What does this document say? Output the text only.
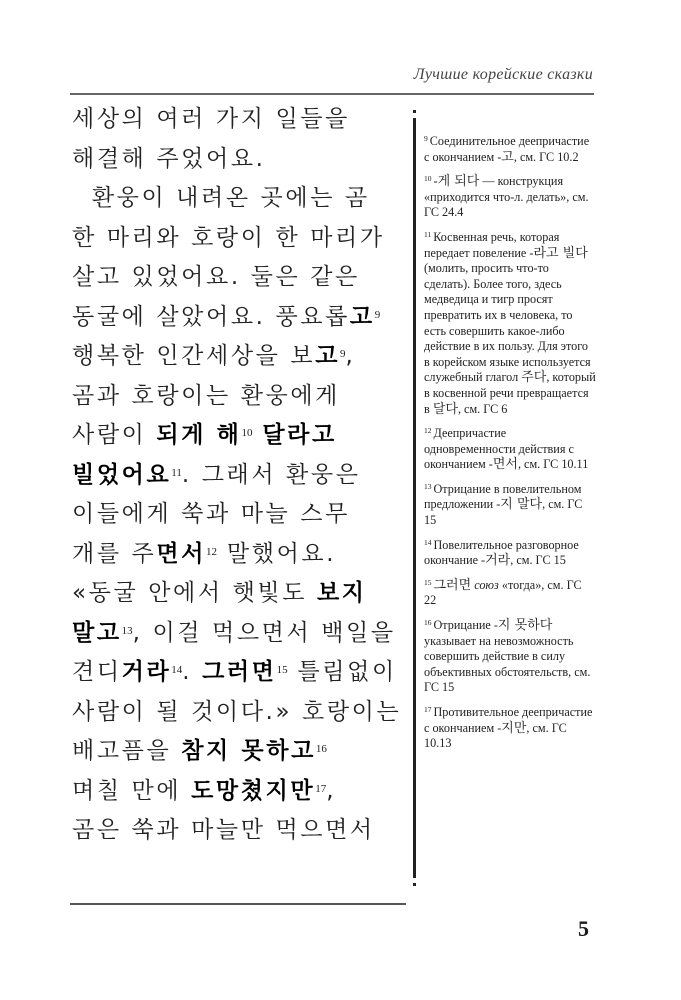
Лучшие корейские сказки
세상의 여러 가지 일들을
해결해 주었어요.
환웅이 내려온 곳에는 곰
한 마리와 호랑이 한 마리가
살고 있었어요. 둘은 같은
동굴에 살았어요. 풍요롭고$^9$
행복한 인간세상을 보고$^9$,
곰과 호랑이는 환웅에게
사람이 되게 해$^{10}$ 달라고
빌었어요$^{11}$. 그래서 환웅은
이들에게 쑥과 마늘 스무
개를 주면서$^{12}$ 말했어요.
«동굴 안에서 햇빛도 보지
말고$^{13}$, 이걸 먹으면서 백일을
견디거라$^{14}$. 그러면$^{15}$ 틀림없이
사람이 될 것이다.» 호랑이는
배고픔을 참지 못하고$^{16}$
며칠 만에 도망쳤지만$^{17}$,
곰은 쑥과 마늘만 먹으면서
$^9$ Соединительное деепричастие с окончанием -고, см. ГС 10.2
$^{10}$ -게 되다 — конструкция «приходится что-л. делать», см. ГС 24.4
$^{11}$ Косвенная речь, которая передает повеление -라고 빌다 (молить, просить что-то сделать). Более того, здесь медведица и тигр просят превратить их в человека, то есть совершить какое-либо действие в их пользу. Для этого в корейском языке используется служебный глагол 주다, который в косвенной речи превращается в 달다, см. ГС 6
$^{12}$ Деепричастие одновременности действия с окончанием -면서, см. ГС 10.11
$^{13}$ Отрицание в повелительном предложении -지 말다, см. ГС 15
$^{14}$ Повелительное разговорное окончание -거라, см. ГС 15
$^{15}$ 그러면 союз «тогда», см. ГС 22
$^{16}$ Отрицание -지 못하다 указывает на невозможность совершить действие в силу объективных обстоятельств, см. ГС 15
$^{17}$ Противительное деепричастие с окончанием -지만, см. ГС 10.13
5
